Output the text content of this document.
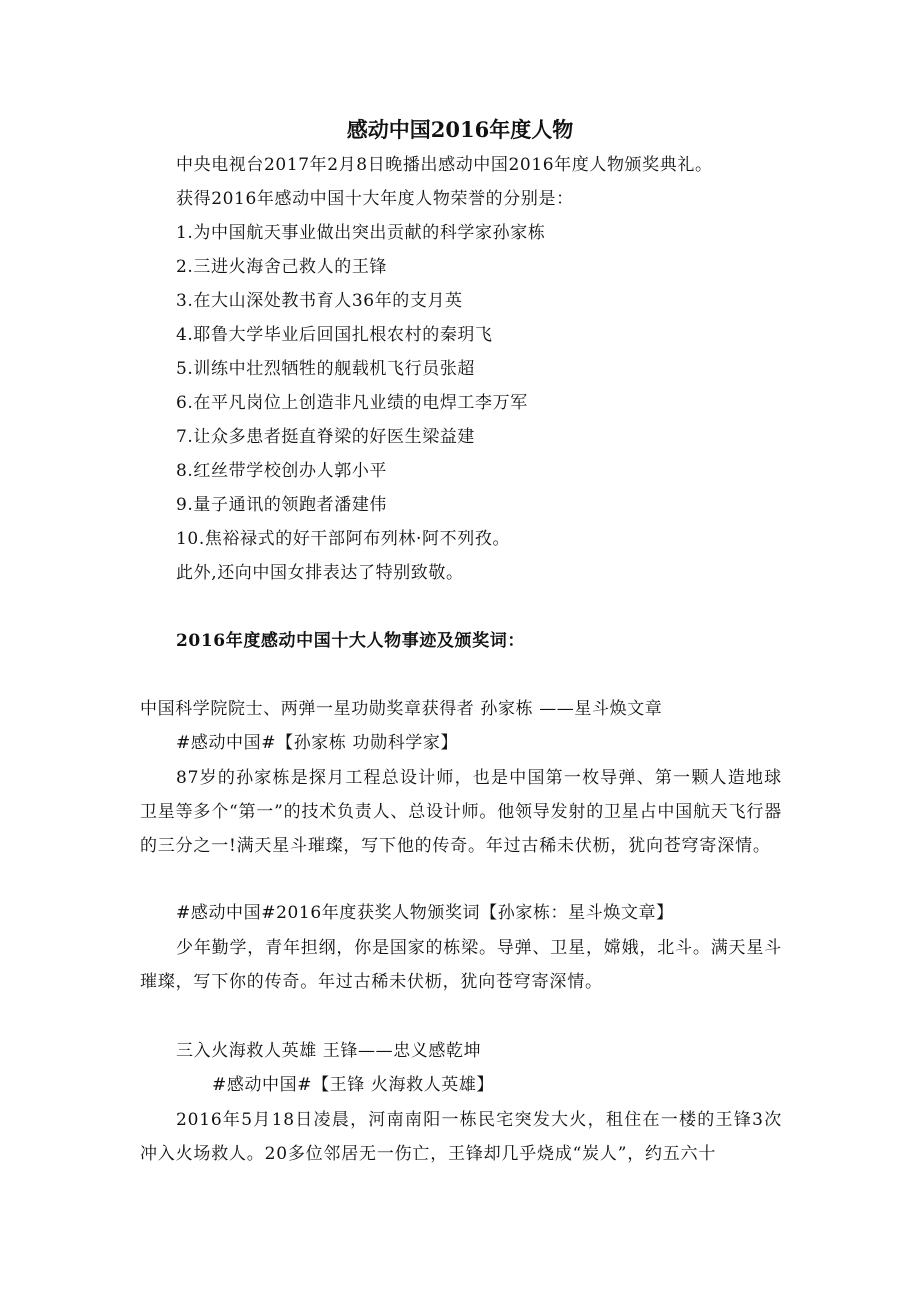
感动中国2016年度人物
中央电视台2017年2月8日晚播出感动中国2016年度人物颁奖典礼。
获得2016年感动中国十大年度人物荣誉的分别是：
1.为中国航天事业做出突出贡献的科学家孙家栋
2.三进火海舍己救人的王锋
3.在大山深处教书育人36年的支月英
4.耶鲁大学毕业后回国扎根农村的秦玥飞
5.训练中壮烈牺牲的舰载机飞行员张超
6.在平凡岗位上创造非凡业绩的电焊工李万军
7.让众多患者挺直脊梁的好医生梁益建
8.红丝带学校创办人郭小平
9.量子通讯的领跑者潘建伟
10.焦裕禄式的好干部阿布列林·阿不列孜。
此外,还向中国女排表达了特别致敬。
2016年度感动中国十大人物事迹及颁奖词：
中国科学院院士、两弹一星功勋奖章获得者 孙家栋 ——星斗焕文章
#感动中国#【孙家栋 功勋科学家】
87岁的孙家栋是探月工程总设计师，也是中国第一枚导弹、第一颗人造地球卫星等多个“第一”的技术负责人、总设计师。他领导发射的卫星占中国航天飞行器的三分之一!满天星斗璀璨，写下他的传奇。年过古稀未伏枥，犹向苍穹寄深情。
#感动中国#2016年度获奖人物颁奖词【孙家栋：星斗焕文章】
少年勤学，青年担纲，你是国家的栋梁。导弹、卫星，嫦娥，北斗。满天星斗璀璨，写下你的传奇。年过古稀未伏枥，犹向苍穹寄深情。
三入火海救人英雄 王锋——忠义感乾坤
#感动中国#【王锋 火海救人英雄】
2016年5月18日凌晨，河南南阳一栋民宅突发大火，租住在一楼的王锋3次冲入火场救人。20多位邻居无一伤亡，王锋却几乎烧成“炭人”，约五六十
